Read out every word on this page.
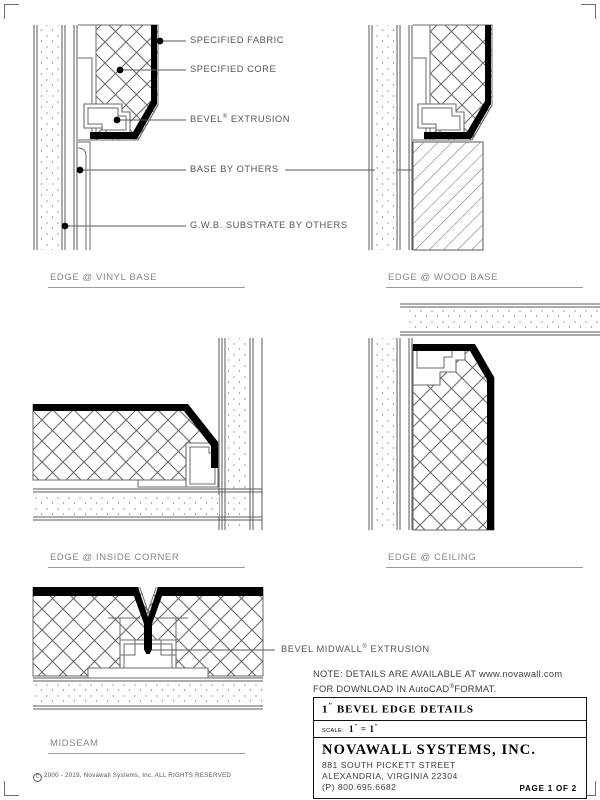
SPECIFIED FABRIC
SPECIFIED CORE
BEVEL® EXTRUSION
BASE BY OTHERS
G.W.B. SUBSTRATE BY OTHERS
BEVEL MIDWALL® EXTRUSION
EDGE @ VINYL BASE	EDGE @ WOOD BASE
EDGE @ INSIDE CORNER	EDGE @ CEILING
MIDSEAM
NOTE: DETAILS ARE AVAILABLE AT www.novawall.com
FOR DOWNLOAD IN AutoCAD®FORMAT.
1" BEVEL EDGE DETAILS
SCALE: 1" = 1"
NOVAWALL SYSTEMS, INC.
881 SOUTH PICKETT STREET
ALEXANDRIA, VIRGINIA 22304
(P) 800.695.6682	PAGE 1 OF 2
C 2000 - 2019, Novawall Systems, Inc. ALL RIGHTS RESERVED
